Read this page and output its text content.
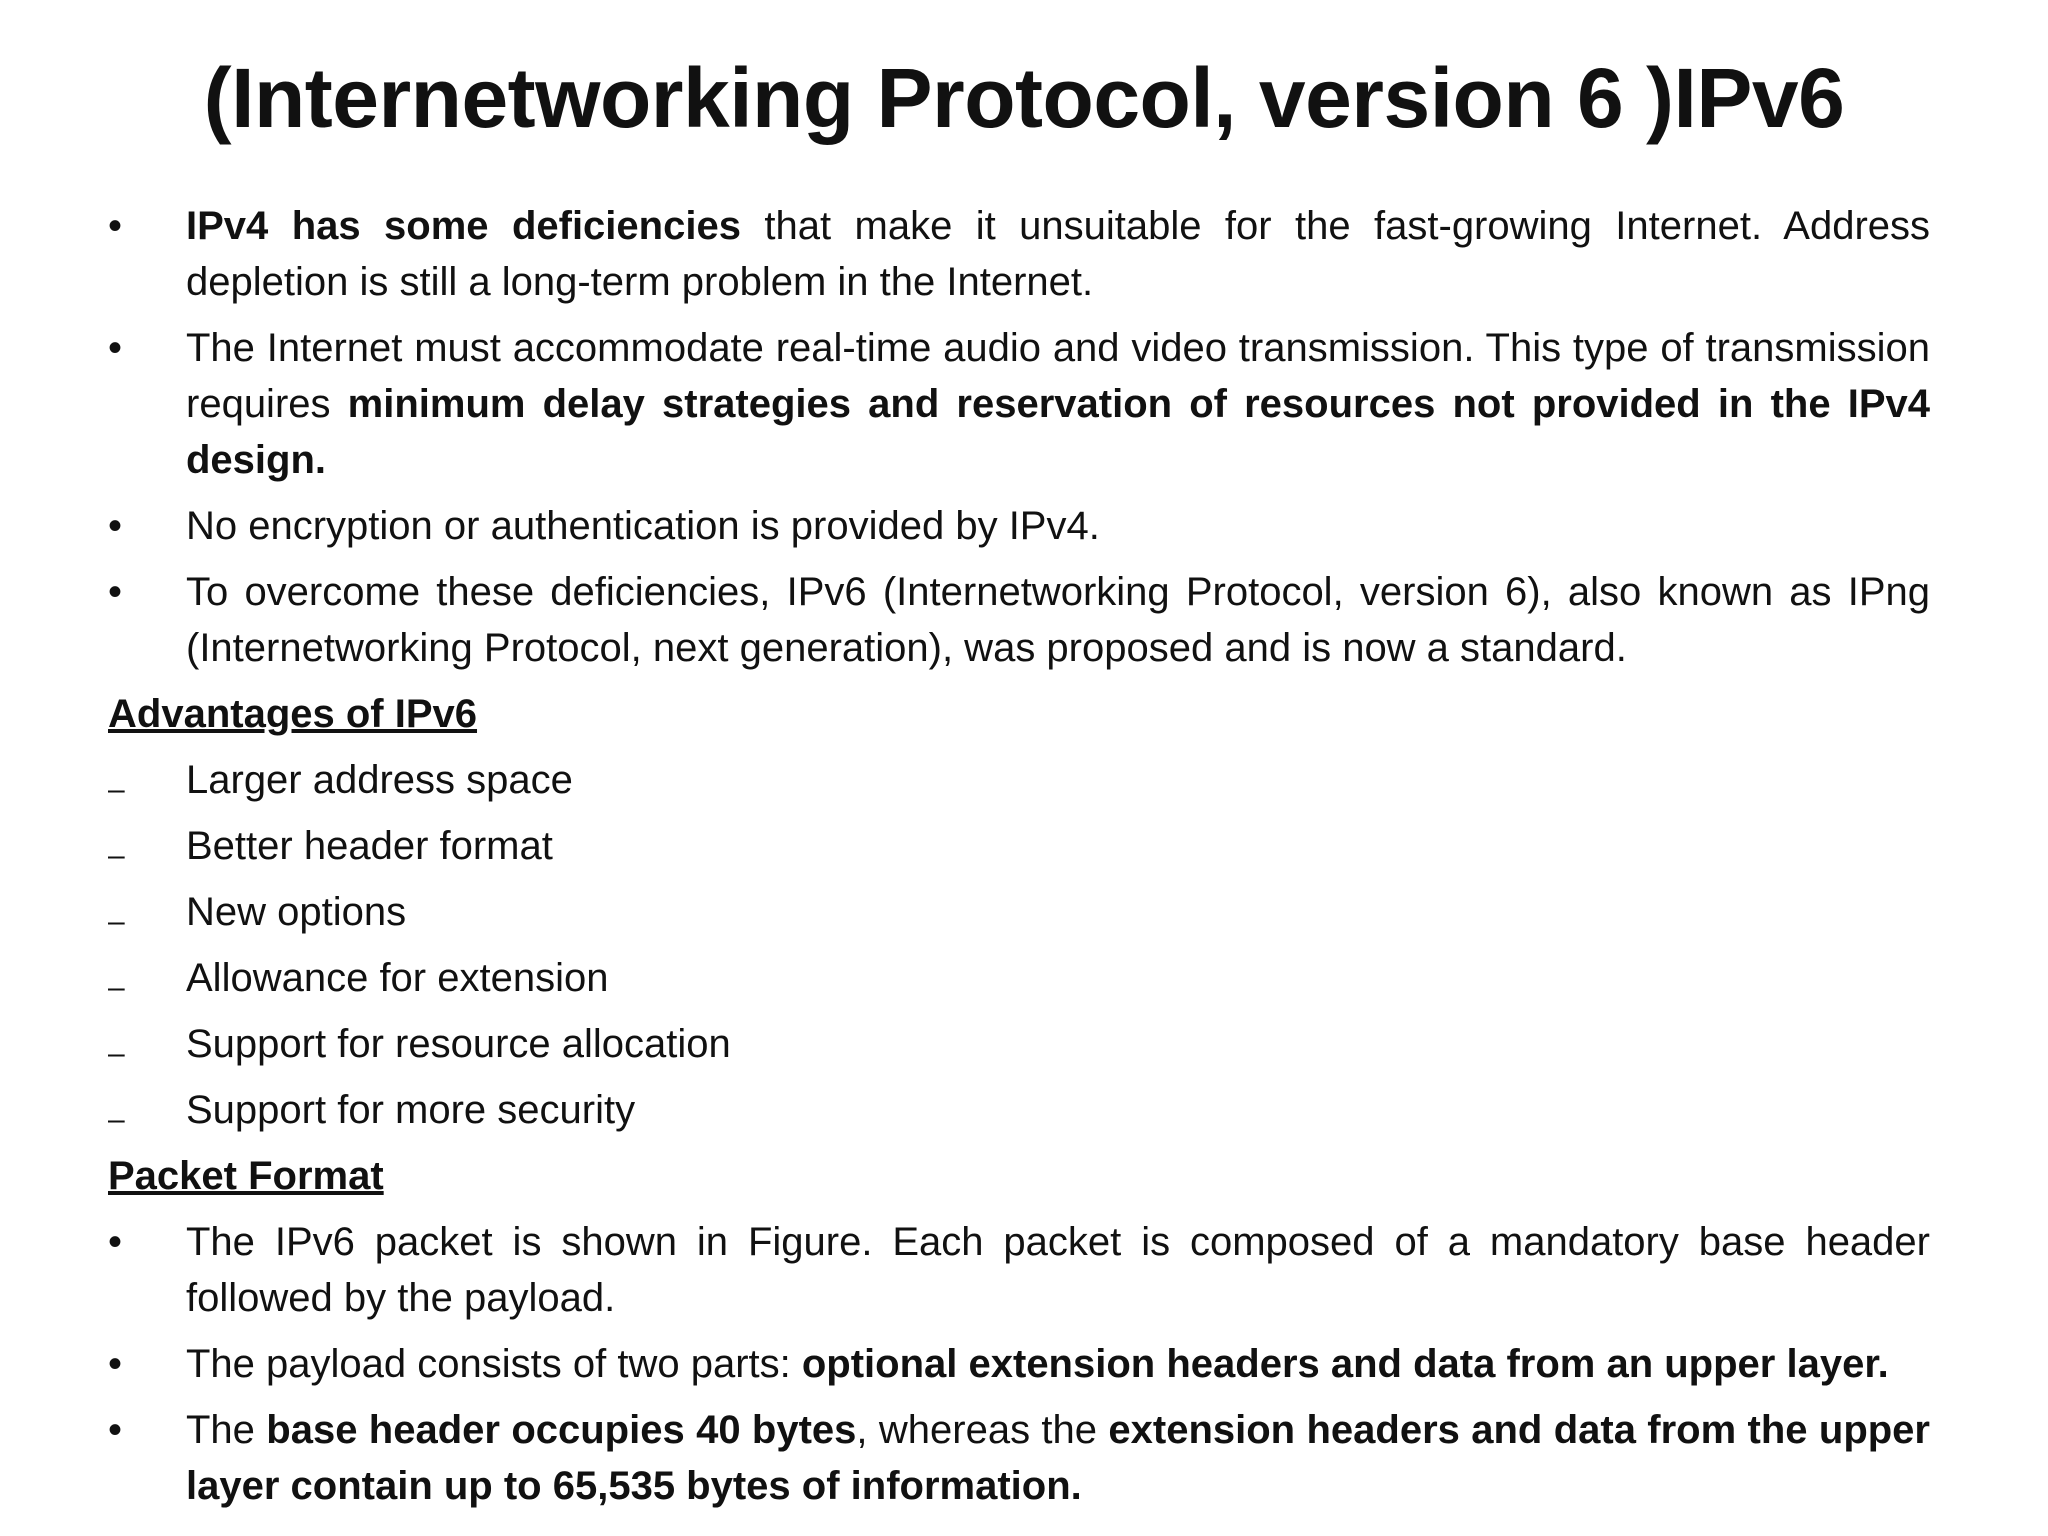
(Internetworking Protocol, version 6 )IPv6
•	IPv4 has some deficiencies that make it unsuitable for the fast-growing Internet. Address depletion is still a long-term problem in the Internet.
•	The Internet must accommodate real-time audio and video transmission. This type of transmission requires minimum delay strategies and reservation of resources not provided in the IPv4 design.
•	No encryption or authentication is provided by IPv4.
•	To overcome these deficiencies, IPv6 (Internetworking Protocol, version 6), also known as IPng (Internetworking Protocol, next generation), was proposed and is now a standard.
Advantages of IPv6
–	Larger address space
–	Better header format
–	New options
–	Allowance for extension
–	Support for resource allocation
–	Support for more security
Packet Format
•	The IPv6 packet is shown in Figure. Each packet is composed of a mandatory base header followed by the payload.
•	The payload consists of two parts: optional extension headers and data from an upper layer.
•	The base header occupies 40 bytes, whereas the extension headers and data from the upper layer contain up to 65,535 bytes of information.
